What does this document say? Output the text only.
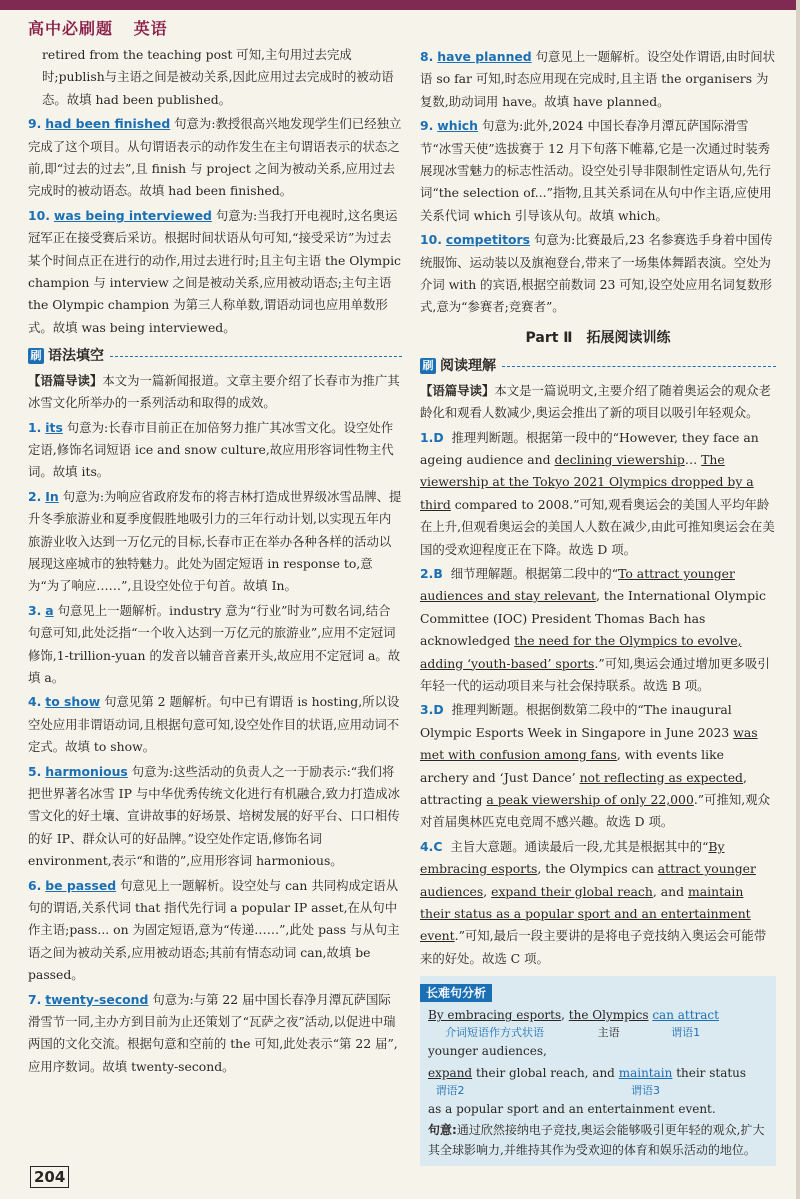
高中必刷题 英语

retired from the teaching post 可知,主句用过去完成时;publish与主语之间是被动关系,因此应用过去完成时的被动语态。故填 had been published。

9. had been finished 句意为:教授很高兴地发现学生们已经独立完成了这个项目。从句谓语表示的动作发生在主句谓语表示的状态之前,即“过去的过去”,且 finish 与 project 之间为被动关系,应用过去完成时的被动语态。故填 had been finished。
10. was being interviewed 句意为:当我打开电视时,这名奥运冠军正在接受赛后采访。根据时间状语从句可知,“接受采访”为过去某个时间点正在进行的动作,用过去进行时;且主句主语 the Olympic champion 与 interview 之间是被动关系,应用被动语态;主句主语 the Olympic champion 为第三人称单数,谓语动词也应用单数形式。故填 was being interviewed。
刷 语法填空

【语篇导读】本文为一篇新闻报道。文章主要介绍了长春市为推广其冰雪文化所举办的一系列活动和取得的成效。

1. its 句意为:长春市目前正在加倍努力推广其冰雪文化。设空处作定语,修饰名词短语 ice and snow culture,故应用形容词性物主代词。故填 its。
2. In 句意为:为响应省政府发布的将吉林打造成世界级冰雪品牌、提升冬季旅游业和夏季度假胜地吸引力的三年行动计划,以实现五年内旅游业收入达到一万亿元的目标,长春市正在举办各种各样的活动以展现这座城市的独特魅力。此处为固定短语 in response to,意为“为了响应……”,且设空处位于句首。故填 In。
3. a 句意见上一题解析。industry 意为“行业”时为可数名词,结合句意可知,此处泛指“一个收入达到一万亿元的旅游业”,应用不定冠词修饰,1-trillion-yuan 的发音以辅音音素开头,故应用不定冠词 a。故填 a。
4. to show 句意见第 2 题解析。句中已有谓语 is hosting,所以设空处应用非谓语动词,且根据句意可知,设空处作目的状语,应用动词不定式。故填 to show。
5. harmonious 句意为:这些活动的负责人之一于励表示:“我们将把世界著名冰雪 IP 与中华优秀传统文化进行有机融合,致力打造成冰雪文化的好土壤、宣讲故事的好场景、培树发展的好平台、口口相传的好 IP、群众认可的好品牌。”设空处作定语,修饰名词 environment,表示“和谐的”,应用形容词 harmonious。
6. be passed 句意见上一题解析。设空处与 can 共同构成定语从句的谓语,关系代词 that 指代先行词 a popular IP asset,在从句中作主语;pass... on 为固定短语,意为“传递……”,此处 pass 与从句主语之间为被动关系,应用被动语态;其前有情态动词 can,故填 be passed。
7. twenty-second 句意为:与第 22 届中国长春净月潭瓦萨国际滑雪节一同,主办方到目前为止还策划了“瓦萨之夜”活动,以促进中瑞两国的文化交流。根据句意和空前的 the 可知,此处表示“第 22 届”,应用序数词。故填 twenty-second。
8. have planned 句意见上一题解析。设空处作谓语,由时间状语 so far 可知,时态应用现在完成时,且主语 the organisers 为复数,助动词用 have。故填 have planned。
9. which 句意为:此外,2024 中国长春净月潭瓦萨国际滑雪节“冰雪天使”选拔赛于 12 月下旬落下帷幕,它是一次通过时装秀展现冰雪魅力的标志性活动。设空处引导非限制性定语从句,先行词“the selection of...”指物,且其关系词在从句中作主语,应使用关系代词 which 引导该从句。故填 which。
10. competitors 句意为:比赛最后,23 名参赛选手身着中国传统服饰、运动装以及旗袍登台,带来了一场集体舞蹈表演。空处为介词 with 的宾语,根据空前数词 23 可知,设空处应用名词复数形式,意为“参赛者;竞赛者”。
Part Ⅱ　拓展阅读训练
刷 阅读理解

【语篇导读】本文是一篇说明文,主要介绍了随着奥运会的观众老龄化和观看人数减少,奥运会推出了新的项目以吸引年轻观众。

1.D 推理判断题。根据第一段中的“However, they face an ageing audience and declining viewership… The viewership at the Tokyo 2021 Olympics dropped by a third compared to 2008.”可知,观看奥运会的美国人平均年龄在上升,但观看奥运会的美国人人数在减少,由此可推知奥运会在美国的受欢迎程度正在下降。故选 D 项。
2.B 细节理解题。根据第二段中的“To attract younger audiences and stay relevant, the International Olympic Committee (IOC) President Thomas Bach has acknowledged the need for the Olympics to evolve, adding ‘youth-based’ sports.”可知,奥运会通过增加更多吸引年轻一代的运动项目来与社会保持联系。故选 B 项。
3.D 推理判断题。根据倒数第二段中的“The inaugural Olympic Esports Week in Singapore in June 2023 was met with confusion among fans, with events like archery and ‘Just Dance’ not reflecting as expected, attracting a peak viewership of only 22,000.”可推知,观众对首届奥林匹克电竞周不感兴趣。故选 D 项。
4.C 主旨大意题。通读最后一段,尤其是根据其中的“By embracing esports, the Olympics can attract younger audiences, expand their global reach, and maintain their status as a popular sport and an entertainment event.”可知,最后一段主要讲的是将电子竞技纳入奥运会可能带来的好处。故选 C 项。
长难句分析
By embracing esports
介词短语作方式状语
, the Olympics
主语

can attract
谓语1
younger audiences,
expand
谓语2
their global reach, and maintain
谓语3
their status
as a popular sport and an entertainment event.
句意:通过欣然接纳电子竞技,奥运会能够吸引更年轻的观众,扩大其全球影响力,并维持其作为受欢迎的体育和娱乐活动的地位。
204
